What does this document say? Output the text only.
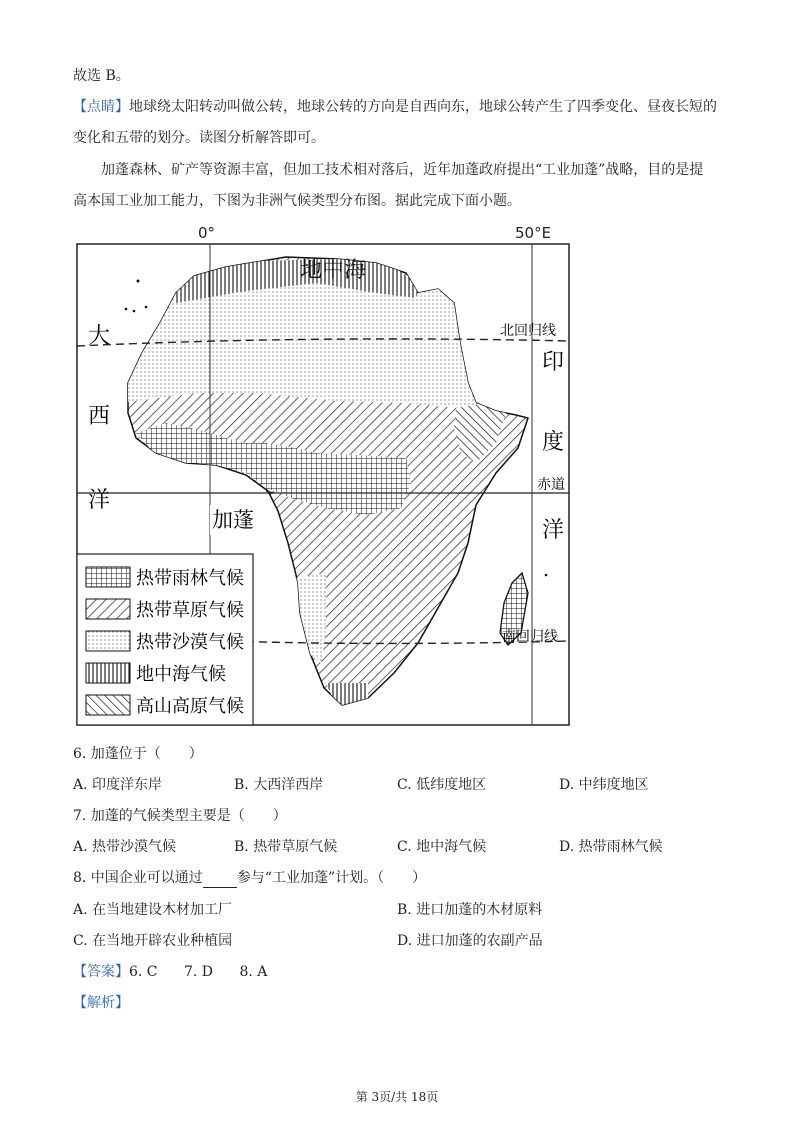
故选 B。
【点睛】地球绕太阳转动叫做公转，地球公转的方向是自西向东，地球公转产生了四季变化、昼夜长短的
变化和五带的划分。读图分析解答即可。
加蓬森林、矿产等资源丰富，但加工技术相对落后，近年加蓬政府提出“工业加蓬”战略，目的是提
高本国工业加工能力，下图为非洲气候类型分布图。据此完成下面小题。
地中海
大
西
洋
印
度
洋
北回归线
赤道
南回归线
加蓬
热带雨林气候
热带草原气候
热带沙漠气候
地中海气候
高山高原气候
0°	50°E
6. 加蓬位于（　　）
A. 印度洋东岸	B. 大西洋西岸	C. 低纬度地区	D. 中纬度地区
7. 加蓬的气候类型主要是（　　）
A. 热带沙漠气候	B. 热带草原气候	C. 地中海气候	D. 热带雨林气候
8. 中国企业可以通过 参与“工业加蓬”计划。（　　）
A. 在当地建设木材加工厂	B. 进口加蓬的木材原料
C. 在当地开辟农业种植园	D. 进口加蓬的农副产品
【答案】6. C 7. D 8. A
【解析】
第 3页/共 18页
